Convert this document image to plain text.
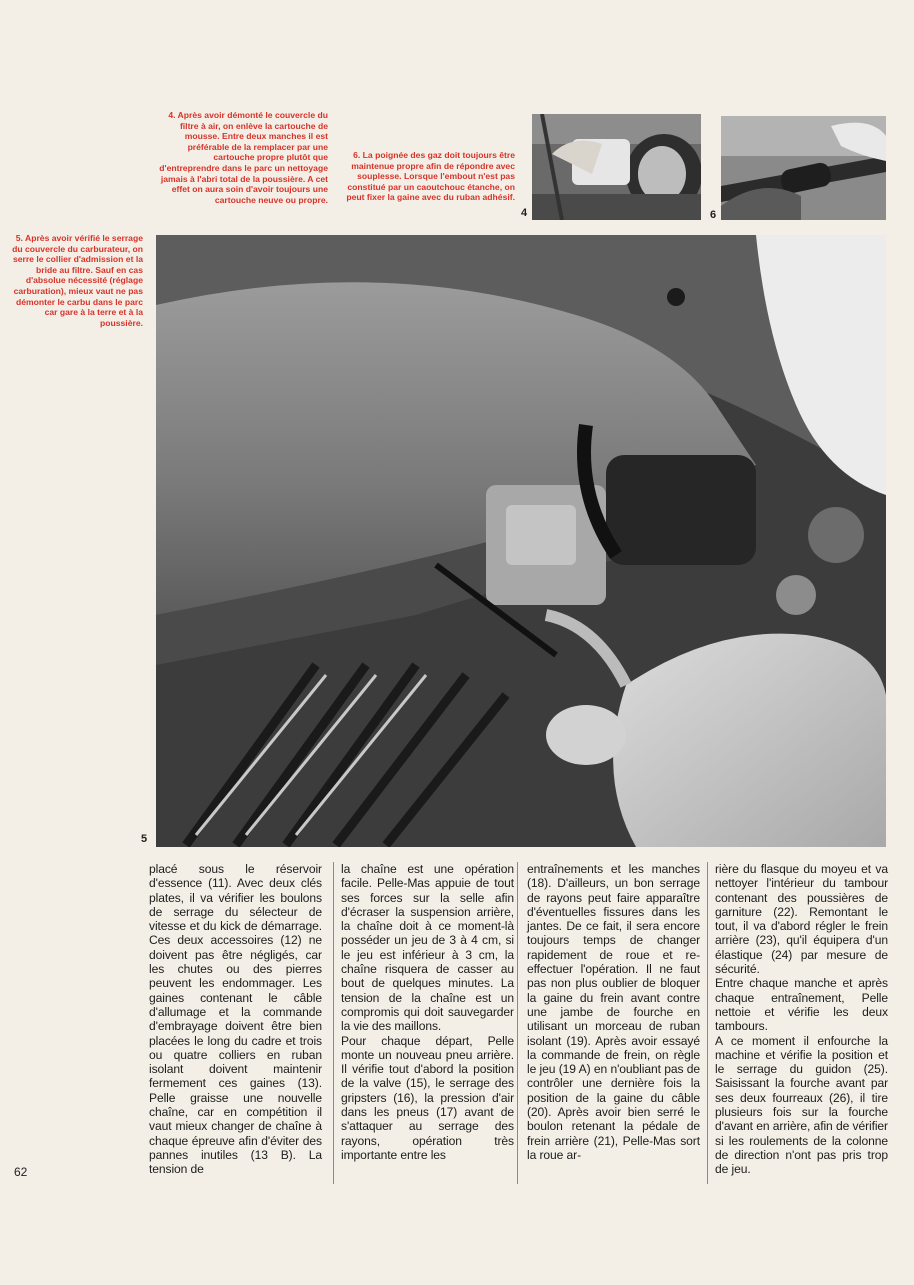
4. Après avoir démonté le couvercle du filtre à air, on enlève la cartouche de mousse. Entre deux manches il est préférable de la remplacer par une cartouche propre plutôt que d'entreprendre dans le parc un nettoyage jamais à l'abri total de la poussière. A cet effet on aura soin d'avoir toujours une cartouche neuve ou propre.
6. La poignée des gaz doit toujours être maintenue propre afin de répondre avec souplesse. Lorsque l'embout n'est pas constitué par un caoutchouc étanche, on peut fixer la gaine avec du ruban adhésif.
5. Après avoir vérifié le serrage du couvercle du carburateur, on serre le collier d'admission et la bride au filtre. Sauf en cas d'absolue nécessité (réglage carburation), mieux vaut ne pas démonter le carbu dans le parc car gare à la terre et à la poussière.
4	6
5

placé sous le réservoir d'essence (11). Avec deux clés plates, il va vérifier les boulons de serrage du sélecteur de vitesse et du kick de démarrage. Ces deux accessoires (12) ne doivent pas être négligés, car les chutes ou des pierres peuvent les endommager. Les gaines contenant le câble d'allumage et la commande d'embrayage doivent être bien placées le long du cadre et trois ou quatre colliers en ruban isolant doivent maintenir fermement ces gaines (13). Pelle graisse une nouvelle chaîne, car en compétition il vaut mieux changer de chaîne à chaque épreuve afin d'éviter des pannes inutiles (13 B). La tension de

la chaîne est une opération facile. Pelle-Mas appuie de tout ses forces sur la selle afin d'écraser la suspension arrière, la chaîne doit à ce moment-là posséder un jeu de 3 à 4 cm, si le jeu est inférieur à 3 cm, la chaîne risquera de casser au bout de quelques minutes. La tension de la chaîne est un compromis qui doit sauvegarder la vie des maillons.

Pour chaque départ, Pelle monte un nouveau pneu arrière. Il vérifie tout d'abord la position de la valve (15), le serrage des gripsters (16), la pression d'air dans les pneus (17) avant de s'attaquer au serrage des rayons, opération très importante entre les

entraînements et les manches (18). D'ailleurs, un bon serrage de rayons peut faire apparaître d'éventuelles fissures dans les jantes. De ce fait, il sera encore toujours temps de changer rapidement de roue et re-effectuer l'opération. Il ne faut pas non plus oublier de bloquer la gaine du frein avant contre une jambe de fourche en utilisant un morceau de ruban isolant (19). Après avoir essayé la commande de frein, on règle le jeu (19 A) en n'oubliant pas de contrôler une dernière fois la position de la gaine du câble (20). Après avoir bien serré le boulon retenant la pédale de frein arrière (21), Pelle-Mas sort la roue ar-

rière du flasque du moyeu et va nettoyer l'intérieur du tambour contenant des poussières de garniture (22). Remontant le tout, il va d'abord régler le frein arrière (23), qu'il équipera d'un élastique (24) par mesure de sécurité.

Entre chaque manche et après chaque entraînement, Pelle nettoie et vérifie les deux tambours.

A ce moment il enfourche la machine et vérifie la position et le serrage du guidon (25). Saisissant la fourche avant par ses deux fourreaux (26), il tire plusieurs fois sur la fourche d'avant en arrière, afin de vérifier si les roulements de la colonne de direction n'ont pas pris trop de jeu.

62
